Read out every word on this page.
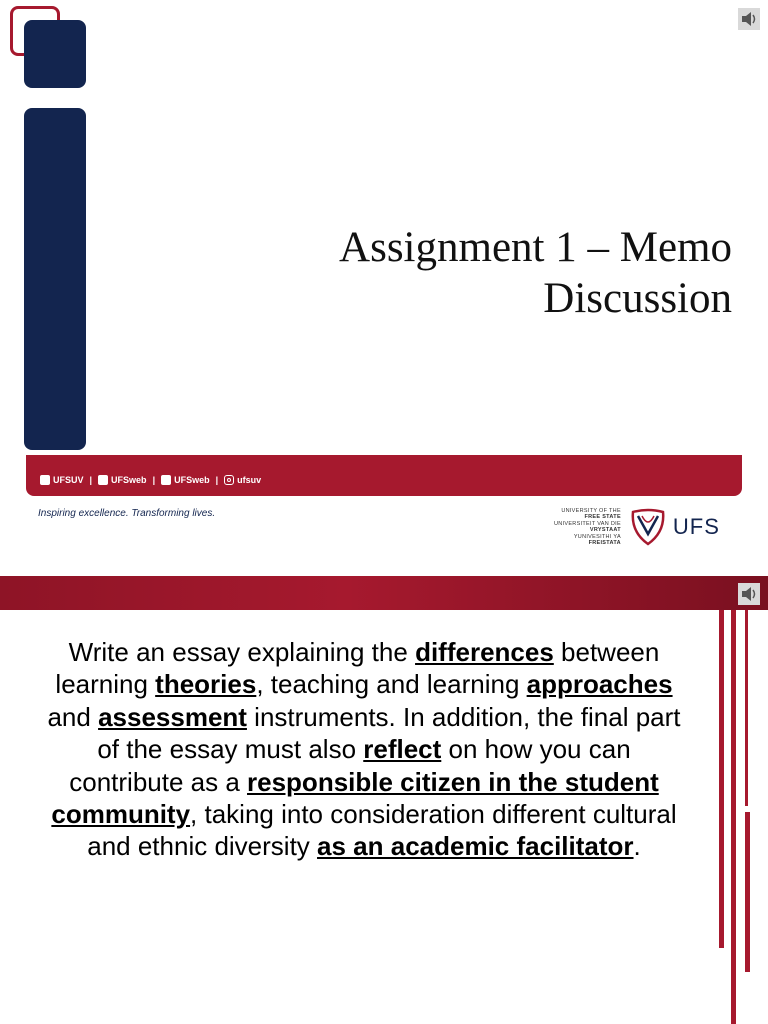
Assignment 1 – Memo
Discussion
UFSUV | UFSweb | UFSweb | ufsuv
Inspiring excellence. Transforming lives.	UNIVERSITY OF THE
FREE STATE
UNIVERSITEIT VAN DIE
VRYSTAAT
YUNIVESITHI YA
FREISTATA
UFS
Write an essay explaining the differences between learning theories, teaching and learning approaches and assessment instruments. In addition, the final part of the essay must also reflect on how you can contribute as a responsible citizen in the student community, taking into consideration different cultural and ethnic diversity as an academic facilitator.
